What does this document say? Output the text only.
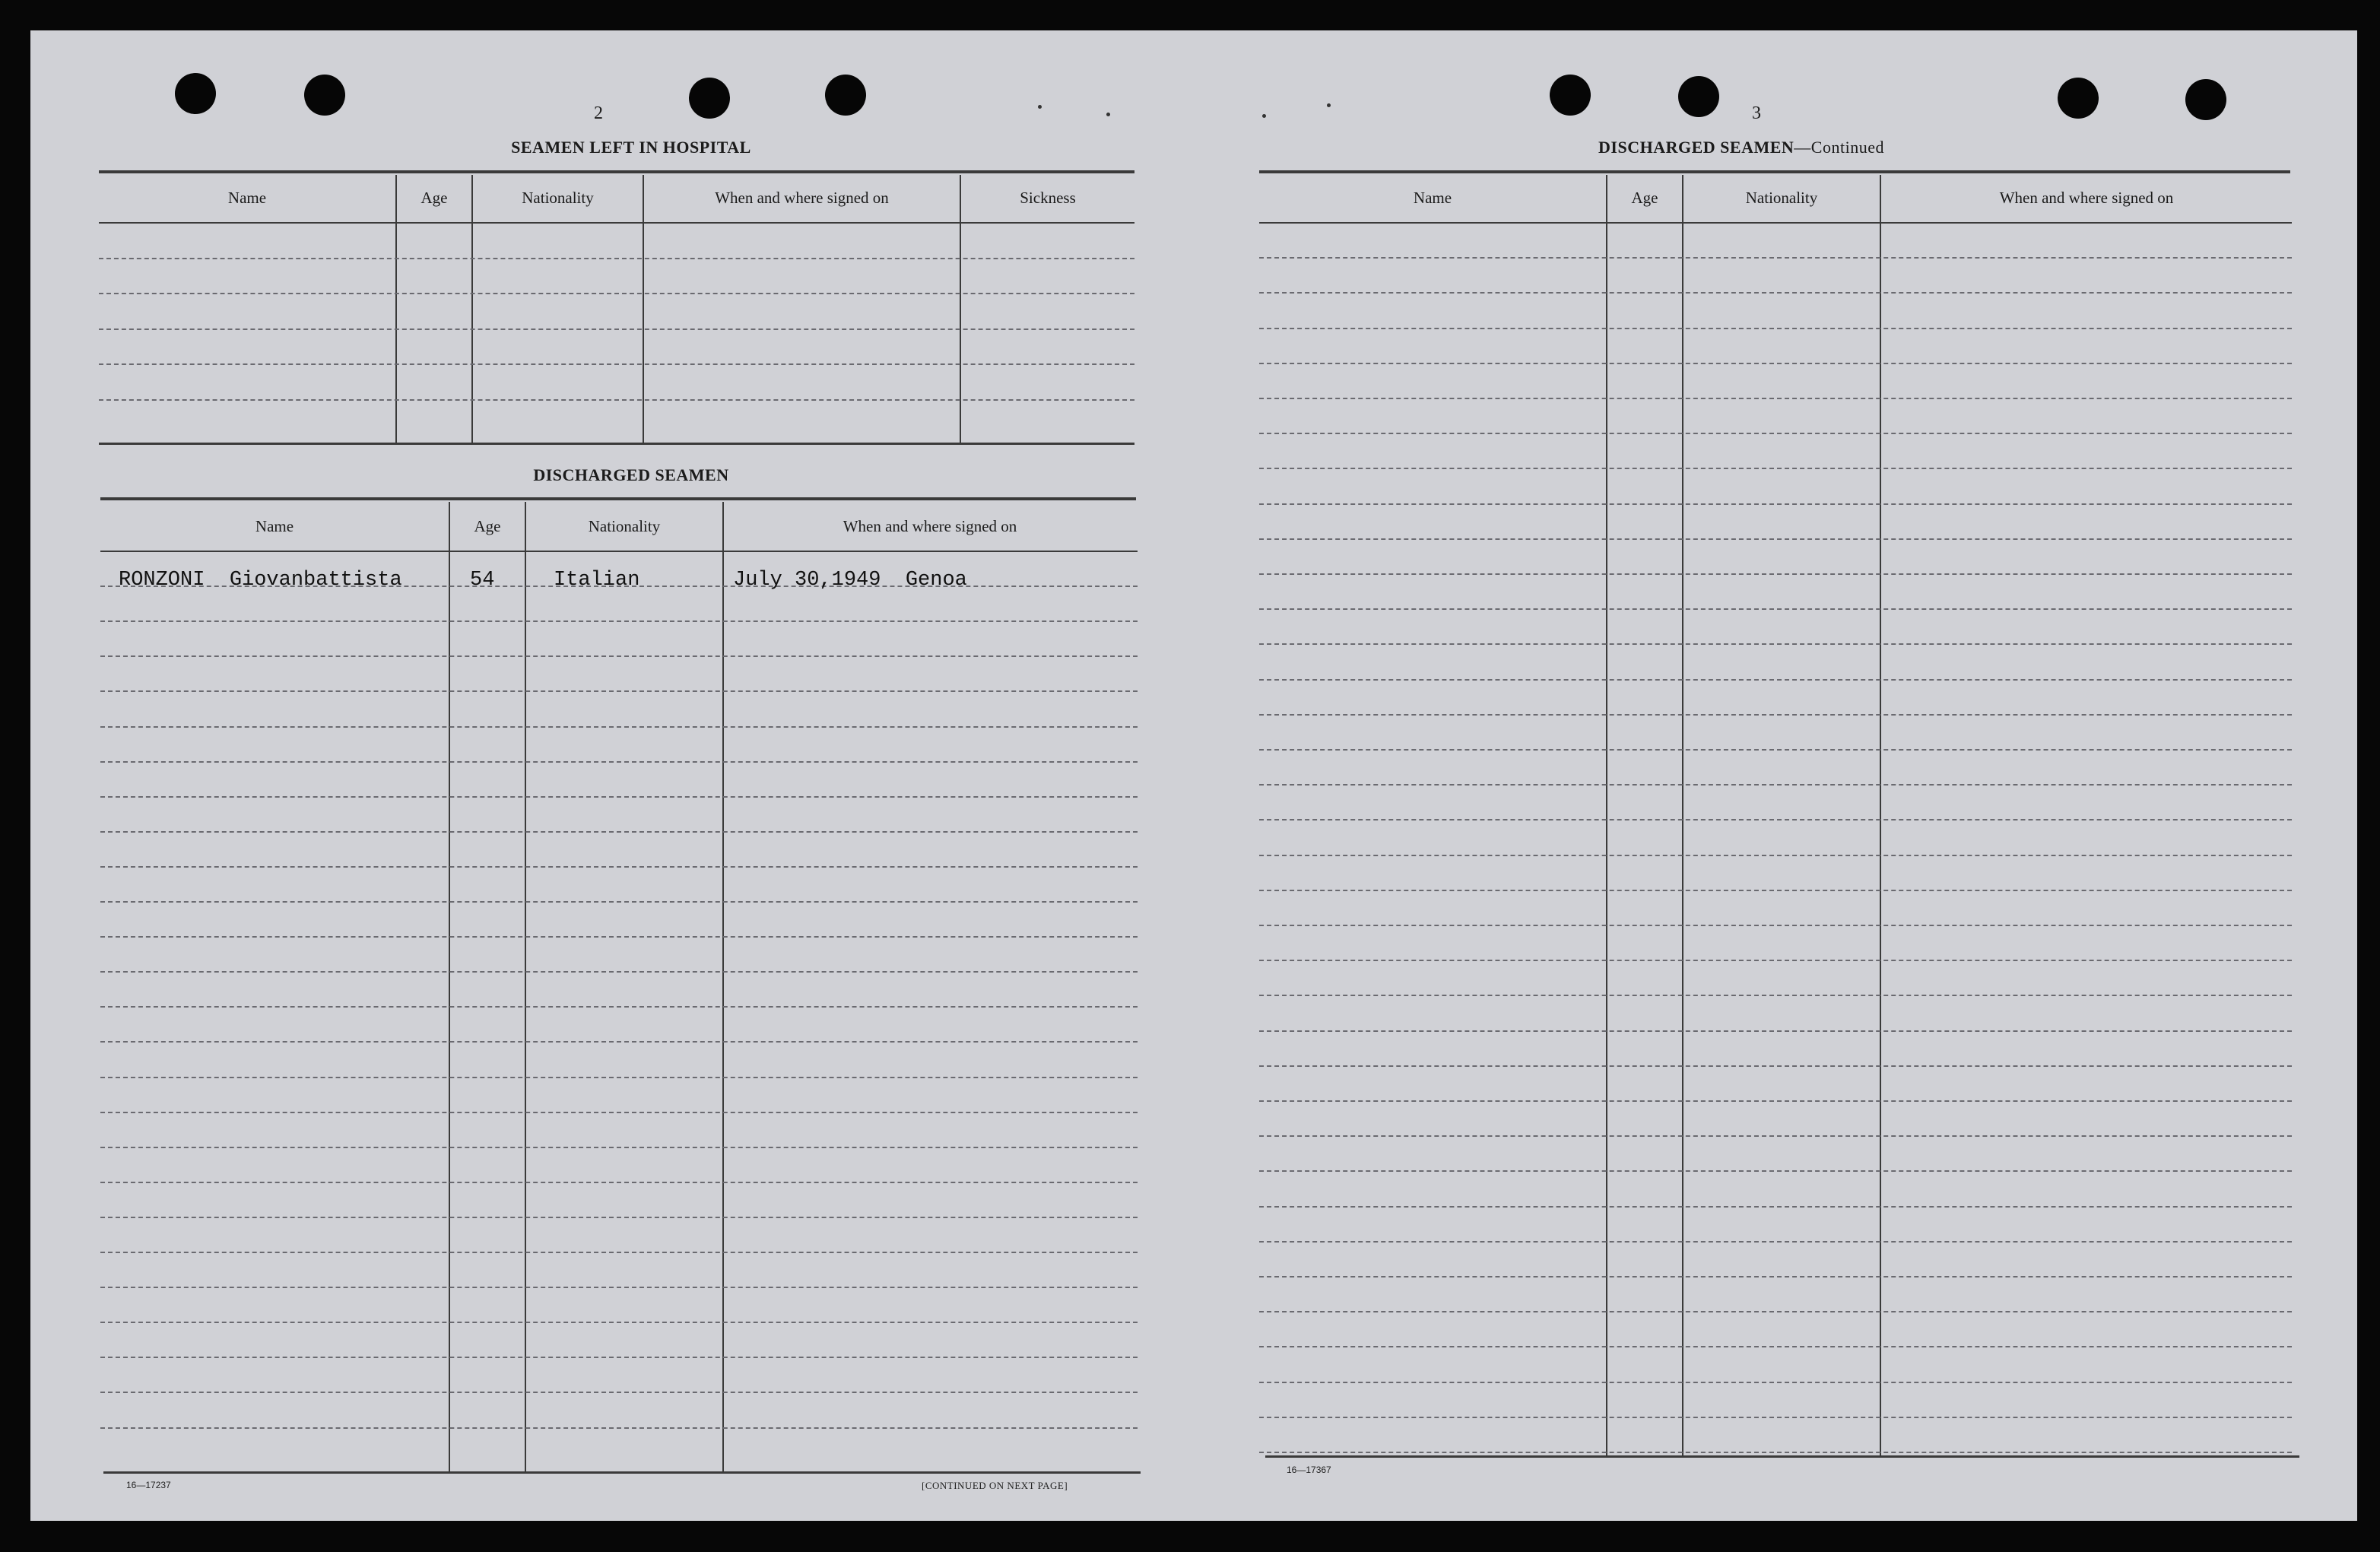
2
SEAMEN LEFT IN HOSPITAL
Name	Age	Nationality	When and where signed on	Sickness
DISCHARGED SEAMEN
Name	Age	Nationality	When and where signed on
RONZONI  Giovanbattista	54	Italian	July 30,1949  Genoa
16—17237	[CONTINUED ON NEXT PAGE]
3
DISCHARGED SEAMEN—Continued
Name	Age	Nationality	When and where signed on
16—17367
